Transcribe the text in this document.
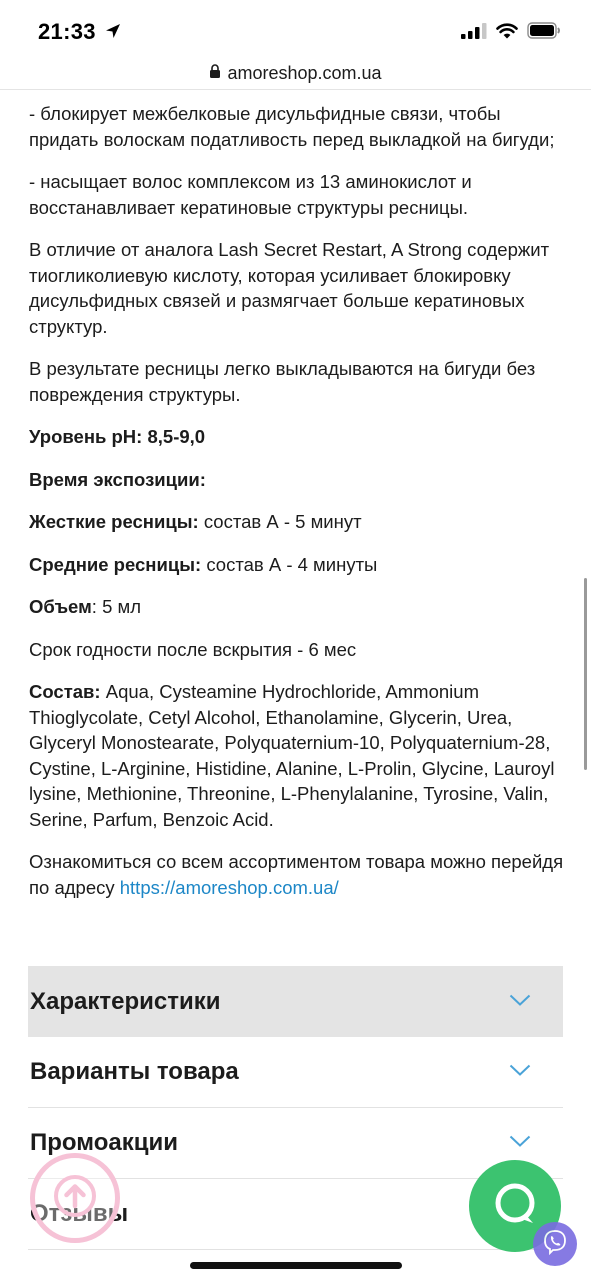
21:33
amoreshop.com.ua

- блокирует межбелковые дисульфидные связи, чтобы придать волоскам податливость перед выкладкой на бигуди;

- насыщает волос комплексом из 13 аминокислот и восстанавливает кератиновые структуры ресницы.

В отличие от аналога Lash Secret Restart, A Strong содержит тиогликолиевую кислоту, которая усиливает блокировку дисульфидных связей и размягчает больше кератиновых структур.

В результате ресницы легко выкладываются на бигуди без повреждения структуры.

Уровень pH: 8,5-9,0

Время экспозиции:

Жесткие ресницы: состав А - 5 минут

Средние ресницы: состав А - 4 минуты

Объем: 5 мл

Срок годности после вскрытия - 6 мес

Состав: Aqua, Cysteamine Hydrochloride, Ammonium Thioglycolate, Cetyl Alcohol, Ethanolamine, Glycerin, Urea, Glyceryl Monostearate, Polyquaternium-10, Polyquaternium-28, Cystine, L-Arginine, Histidine, Alanine, L-Prolin, Glycine, Lauroyl lysine, Methionine, Threonine, L-Phenylalanine, Tyrosine, Valin, Serine, Parfum, Benzoic Acid.

Ознакомиться со всем ассортиментом товара можно перейдя по адресу https://amoreshop.com.ua/

Характеристики
Варианты товара
Промоакции
Отзывы
